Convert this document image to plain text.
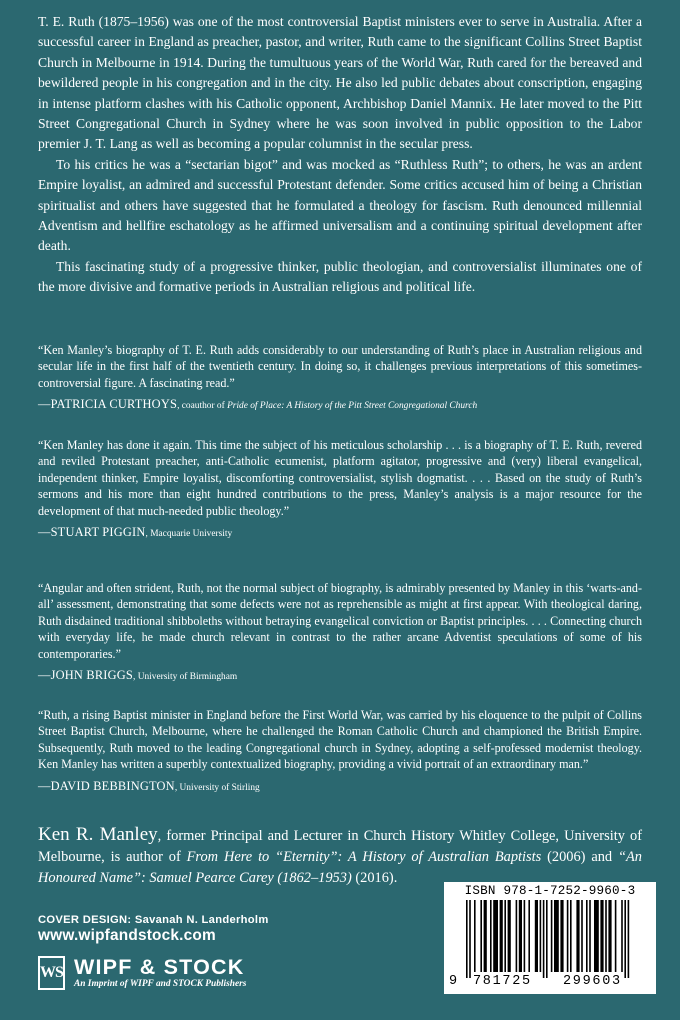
T. E. Ruth (1875–1956) was one of the most controversial Baptist ministers ever to serve in Australia. After a successful career in England as preacher, pastor, and writer, Ruth came to the significant Collins Street Baptist Church in Melbourne in 1914. During the tumultuous years of the World War, Ruth cared for the bereaved and bewildered people in his congregation and in the city. He also led public debates about conscription, engaging in intense platform clashes with his Catholic opponent, Archbishop Daniel Mannix. He later moved to the Pitt Street Congregational Church in Sydney where he was soon involved in public opposition to the Labor premier J. T. Lang as well as becoming a popular columnist in the secular press.

To his critics he was a “sectarian bigot” and was mocked as “Ruthless Ruth”; to others, he was an ardent Empire loyalist, an admired and successful Protestant defender. Some critics accused him of being a Christian spiritualist and others have suggested that he formulated a theology for fascism. Ruth denounced millennial Adventism and hellfire eschatology as he affirmed universalism and a continuing spiritual development after death.

This fascinating study of a progressive thinker, public theologian, and controversialist illuminates one of the more divisive and formative periods in Australian religious and political life.

“Ken Manley’s biography of T. E. Ruth adds considerably to our understanding of Ruth’s place in Australian religious and secular life in the first half of the twentieth century. In doing so, it challenges previous interpretations of this sometimes-controversial figure. A fascinating read.”

—PATRICIA CURTHOYS, coauthor of Pride of Place: A History of the Pitt Street Congregational Church

“Ken Manley has done it again. This time the subject of his meticulous scholarship . . . is a biography of T. E. Ruth, revered and reviled Protestant preacher, anti-Catholic ecumenist, platform agitator, progressive and (very) liberal evangelical, independent thinker, Empire loyalist, discomforting controversialist, stylish dogmatist. . . . Based on the study of Ruth’s sermons and his more than eight hundred contributions to the press, Manley’s analysis is a major resource for the development of that much-needed public theology.”

—STUART PIGGIN, Macquarie University

“Angular and often strident, Ruth, not the normal subject of biography, is admirably presented by Manley in this ‘warts-and-all’ assessment, demonstrating that some defects were not as reprehensible as might at first appear. With theological daring, Ruth disdained traditional shibboleths without betraying evangelical conviction or Baptist principles. . . . Connecting church with everyday life, he made church relevant in contrast to the rather arcane Adventist speculations of some of his contemporaries.”

—JOHN BRIGGS, University of Birmingham

“Ruth, a rising Baptist minister in England before the First World War, was carried by his eloquence to the pulpit of Collins Street Baptist Church, Melbourne, where he challenged the Roman Catholic Church and championed the British Empire. Subsequently, Ruth moved to the leading Congregational church in Sydney, adopting a self-professed modernist theology. Ken Manley has written a superbly contextualized biography, providing a vivid portrait of an extraordinary man.”

—DAVID BEBBINGTON, University of Stirling

Ken R. Manley, former Principal and Lecturer in Church History Whitley College, University of Melbourne, is author of From Here to “Eternity”: A History of Australian Baptists (2006) and “An Honoured Name”: Samuel Pearce Carey (1862–1953) (2016).
COVER DESIGN: Savanah N. Landerholm
www.wipfandstock.com
WS WIPF & STOCK
An Imprint of WIPF and STOCK Publishers
ISBN 978-1-7252-9960-3
9 781725 299603
